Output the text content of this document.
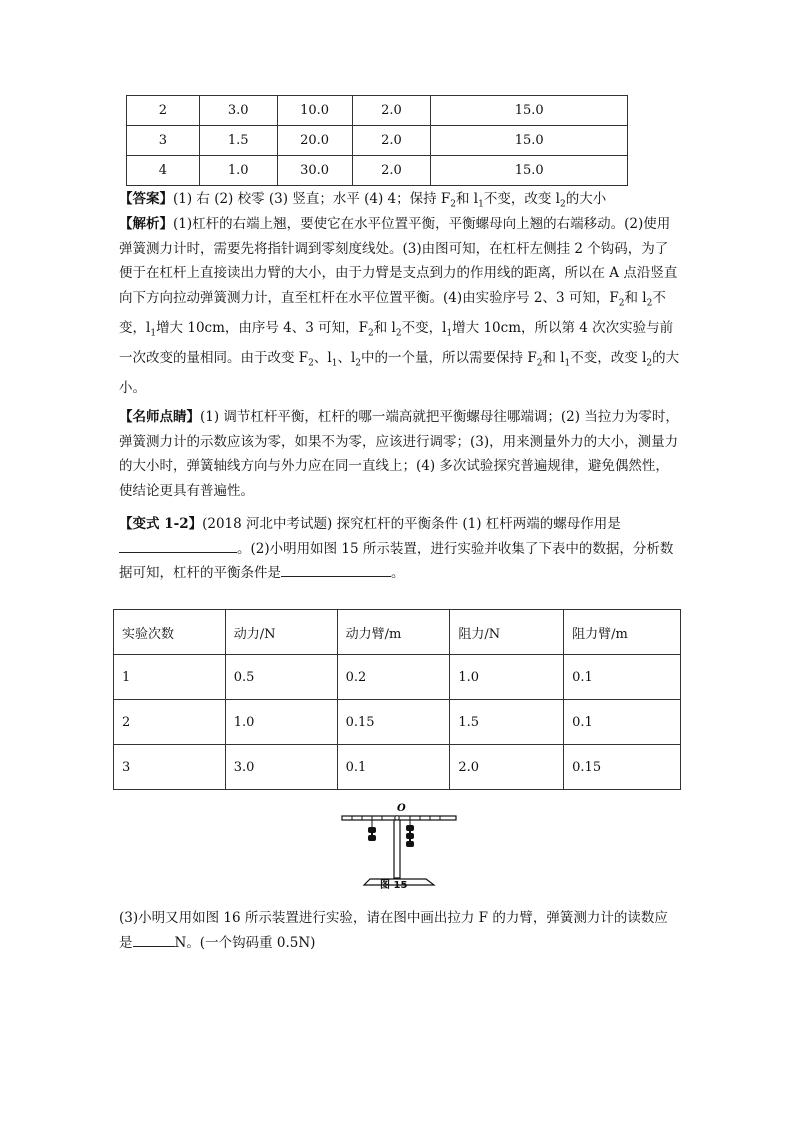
2	3.0	10.0	2.0	15.0
3	1.5	20.0	2.0	15.0
4	1.0	30.0	2.0	15.0

【答案】(1) 右 (2) 校零 (3) 竖直；水平 (4) 4；保持 $F_2$和 $l_1$不变，改变 $l_2$的大小

【解析】(1)杠杆的右端上翘，要使它在水平位置平衡，平衡螺母向上翘的右端移动。(2)使用弹簧测力计时，需要先将指针调到零刻度线处。(3)由图可知，在杠杆左侧挂 2 个钩码，为了便于在杠杆上直接读出力臂的大小，由于力臂是支点到力的作用线的距离，所以在 A 点沿竖直向下方向拉动弹簧测力计，直至杠杆在水平位置平衡。(4)由实验序号 2、3 可知，$F_2$和 $l_2$不变，$l_1$增大 10cm，由序号 4、3 可知，$F_2$和 $l_2$不变，$l_1$增大 10cm，所以第 4 次次实验与前一次改变的量相同。由于改变 $F_2$、$l_1$、$l_2$中的一个量，所以需要保持 $F_2$和 $l_1$不变，改变 $l_2$的大小。

【名师点睛】(1) 调节杠杆平衡，杠杆的哪一端高就把平衡螺母往哪端调；(2) 当拉力为零时，弹簧测力计的示数应该为零，如果不为零，应该进行调零；(3)，用来测量外力的大小，测量力的大小时，弹簧轴线方向与外力应在同一直线上；(4) 多次试验探究普遍规律，避免偶然性，使结论更具有普遍性。

【变式 1-2】(2018 河北中考试题) 探究杠杆的平衡条件 (1) 杠杆两端的螺母作用是。(2)小明用如图 15 所示装置，进行实验并收集了下表中的数据，分析数据可知，杠杆的平衡条件是	。

实验次数	动力/N	动力臂/m	阻力/N	阻力臂/m
1	0.5	0.2	1.0	0.1
2	1.0	0.15	1.5	0.1
3	3.0	0.1	2.0	0.15
O
图 15

(3)小明又用如图 16 所示装置进行实验，请在图中画出拉力 F 的力臂，弹簧测力计的读数应是	N。(一个钩码重 0.5N)
